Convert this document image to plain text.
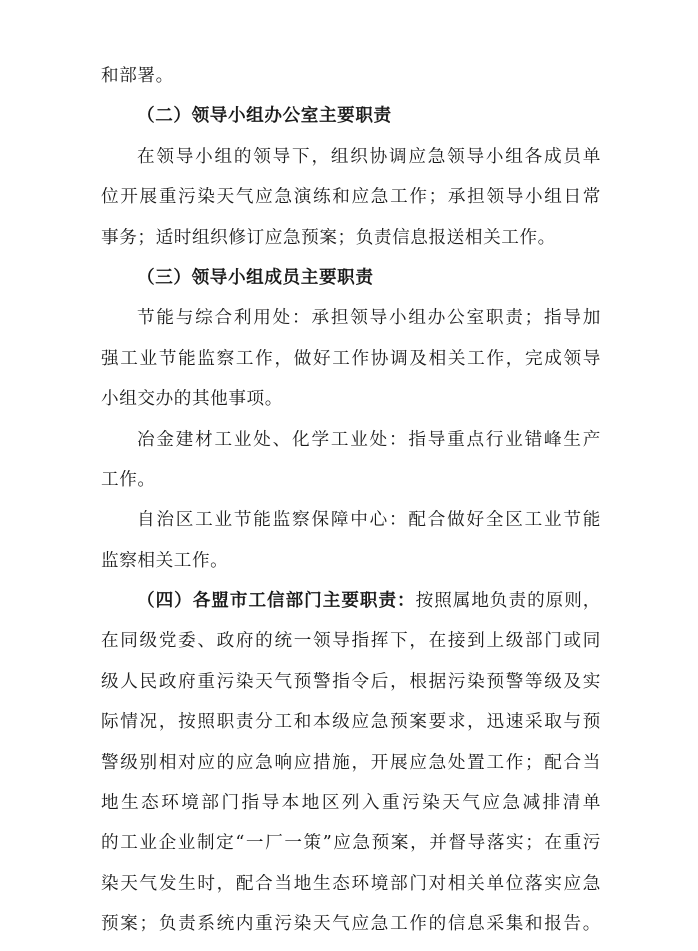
和部署。
（二）领导小组办公室主要职责
在领导小组的领导下，组织协调应急领导小组各成员单
位开展重污染天气应急演练和应急工作；承担领导小组日常
事务；适时组织修订应急预案；负责信息报送相关工作。
（三）领导小组成员主要职责
节能与综合利用处：承担领导小组办公室职责；指导加
强工业节能监察工作，做好工作协调及相关工作，完成领导
小组交办的其他事项。
冶金建材工业处、化学工业处：指导重点行业错峰生产
工作。
自治区工业节能监察保障中心：配合做好全区工业节能
监察相关工作。
（四）各盟市工信部门主要职责：按照属地负责的原则，
在同级党委、政府的统一领导指挥下，在接到上级部门或同
级人民政府重污染天气预警指令后，根据污染预警等级及实
际情况，按照职责分工和本级应急预案要求，迅速采取与预
警级别相对应的应急响应措施，开展应急处置工作；配合当
地生态环境部门指导本地区列入重污染天气应急减排清单
的工业企业制定“一厂一策”应急预案，并督导落实；在重污
染天气发生时，配合当地生态环境部门对相关单位落实应急
预案；负责系统内重污染天气应急工作的信息采集和报告。
